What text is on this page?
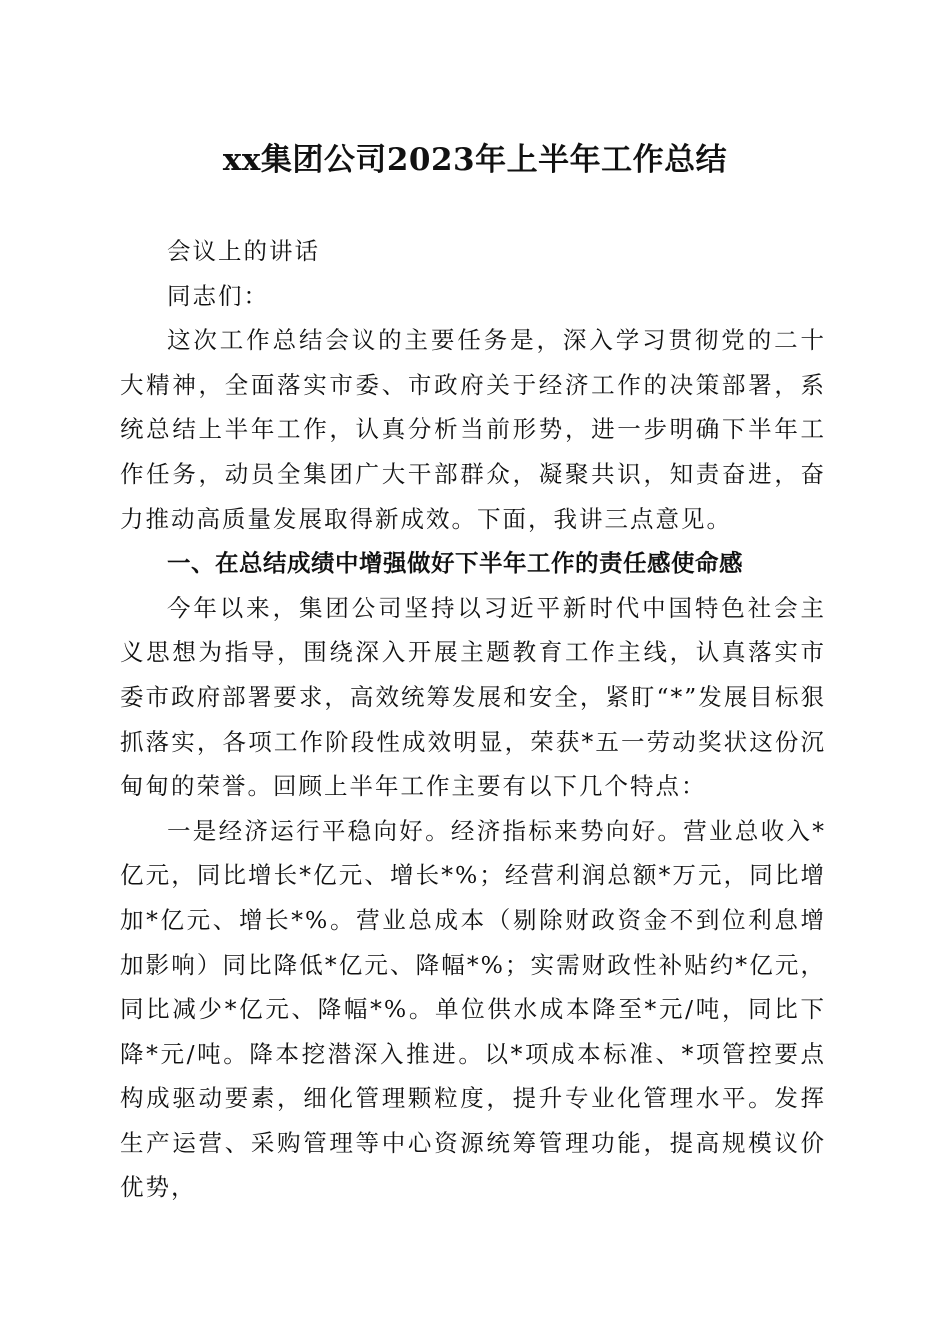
xx集团公司2023年上半年工作总结

会议上的讲话

同志们：

这次工作总结会议的主要任务是，深入学习贯彻党的二十大精神，全面落实市委、市政府关于经济工作的决策部署，系统总结上半年工作，认真分析当前形势，进一步明确下半年工作任务，动员全集团广大干部群众，凝聚共识，知责奋进，奋力推动高质量发展取得新成效。下面，我讲三点意见。

一、在总结成绩中增强做好下半年工作的责任感使命感

今年以来，集团公司坚持以习近平新时代中国特色社会主义思想为指导，围绕深入开展主题教育工作主线，认真落实市委市政府部署要求，高效统筹发展和安全，紧盯“*”发展目标狠抓落实，各项工作阶段性成效明显，荣获*五一劳动奖状这份沉甸甸的荣誉。回顾上半年工作主要有以下几个特点：

一是经济运行平稳向好。经济指标来势向好。营业总收入*亿元，同比增长*亿元、增长*%；经营利润总额*万元，同比增加*亿元、增长*%。营业总成本（剔除财政资金不到位利息增加影响）同比降低*亿元、降幅*%；实需财政性补贴约*亿元，同比减少*亿元、降幅*%。单位供水成本降至*元/吨，同比下降*元/吨。降本挖潜深入推进。以*项成本标准、*项管控要点构成驱动要素，细化管理颗粒度，提升专业化管理水平。发挥生产运营、采购管理等中心资源统筹管理功能，提高规模议价优势，
